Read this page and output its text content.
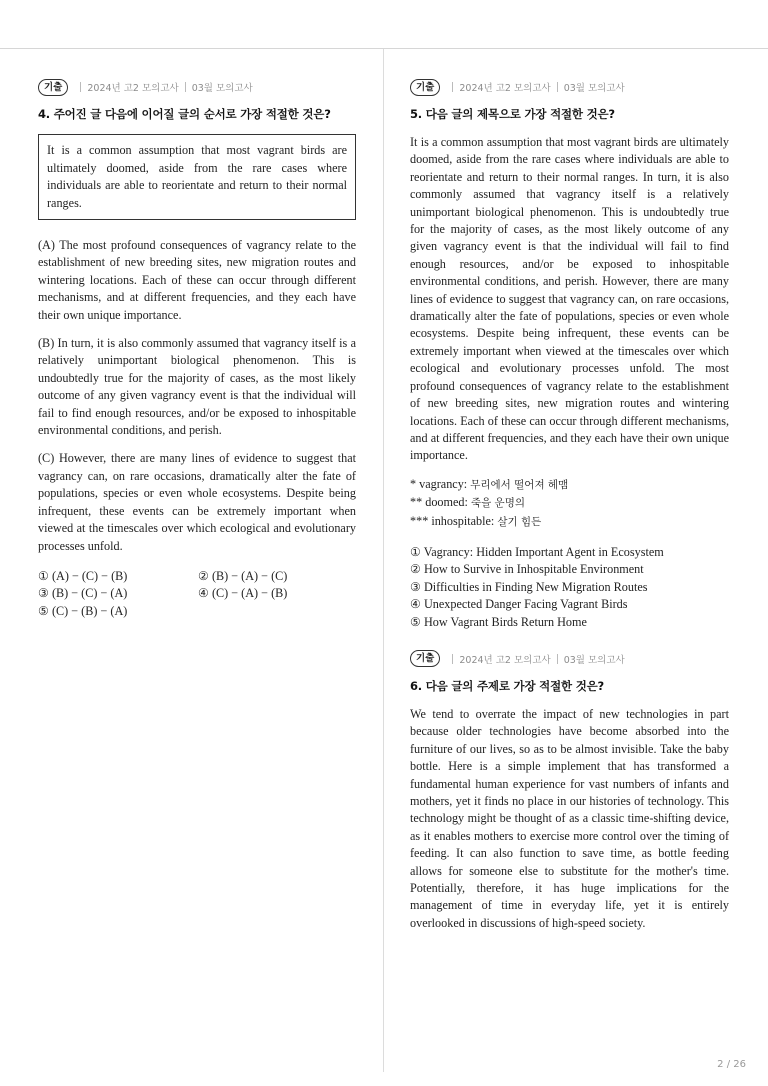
기출	2024년 고2 모의고사 03월 모의고사
4. 주어진 글 다음에 이어질 글의 순서로 가장 적절한 것은?
It is a common assumption that most vagrant birds are ultimately doomed, aside from the rare cases where individuals are able to reorientate and return to their normal ranges.

(A) The most profound consequences of vagrancy relate to the establishment of new breeding sites, new migration routes and wintering locations. Each of these can occur through different mechanisms, and at different frequencies, and they each have their own unique importance.

(B) In turn, it is also commonly assumed that vagrancy itself is a relatively unimportant biological phenomenon. This is undoubtedly true for the majority of cases, as the most likely outcome of any given vagrancy event is that the individual will fail to find enough resources, and/or be exposed to inhospitable environmental conditions, and perish.

(C) However, there are many lines of evidence to suggest that vagrancy can, on rare occasions, dramatically alter the fate of populations, species or even whole ecosystems. Despite being infrequent, these events can be extremely important when viewed at the timescales over which ecological and evolutionary processes unfold.

① (A) − (C) − (B)	② (B) − (A) − (C)
③ (B) − (C) − (A)	④ (C) − (A) − (B)
⑤ (C) − (B) − (A)
기출	2024년 고2 모의고사 03월 모의고사
5. 다음 글의 제목으로 가장 적절한 것은?

It is a common assumption that most vagrant birds are ultimately doomed, aside from the rare cases where individuals are able to reorientate and return to their normal ranges. In turn, it is also commonly assumed that vagrancy itself is a relatively unimportant biological phenomenon. This is undoubtedly true for the majority of cases, as the most likely outcome of any given vagrancy event is that the individual will fail to find enough resources, and/or be exposed to inhospitable environmental conditions, and perish. However, there are many lines of evidence to suggest that vagrancy can, on rare occasions, dramatically alter the fate of populations, species or even whole ecosystems. Despite being infrequent, these events can be extremely important when viewed at the timescales over which ecological and evolutionary processes unfold. The most profound consequences of vagrancy relate to the establishment of new breeding sites, new migration routes and wintering locations. Each of these can occur through different mechanisms, and at different frequencies, and they each have their own unique importance.

* vagrancy: 무리에서 떨어져 헤맴
** doomed: 죽을 운명의
*** inhospitable: 살기 힘든
① Vagrancy: Hidden Important Agent in Ecosystem
② How to Survive in Inhospitable Environment
③ Difficulties in Finding New Migration Routes
④ Unexpected Danger Facing Vagrant Birds
⑤ How Vagrant Birds Return Home
기출	2024년 고2 모의고사 03월 모의고사
6. 다음 글의 주제로 가장 적절한 것은?

We tend to overrate the impact of new technologies in part because older technologies have become absorbed into the furniture of our lives, so as to be almost invisible. Take the baby bottle. Here is a simple implement that has transformed a fundamental human experience for vast numbers of infants and mothers, yet it finds no place in our histories of technology. This technology might be thought of as a classic time-shifting device, as it enables mothers to exercise more control over the timing of feeding. It can also function to save time, as bottle feeding allows for someone else to substitute for the mother's time. Potentially, therefore, it has huge implications for the management of time in everyday life, yet it is entirely overlooked in discussions of high-speed society.

2 / 26
